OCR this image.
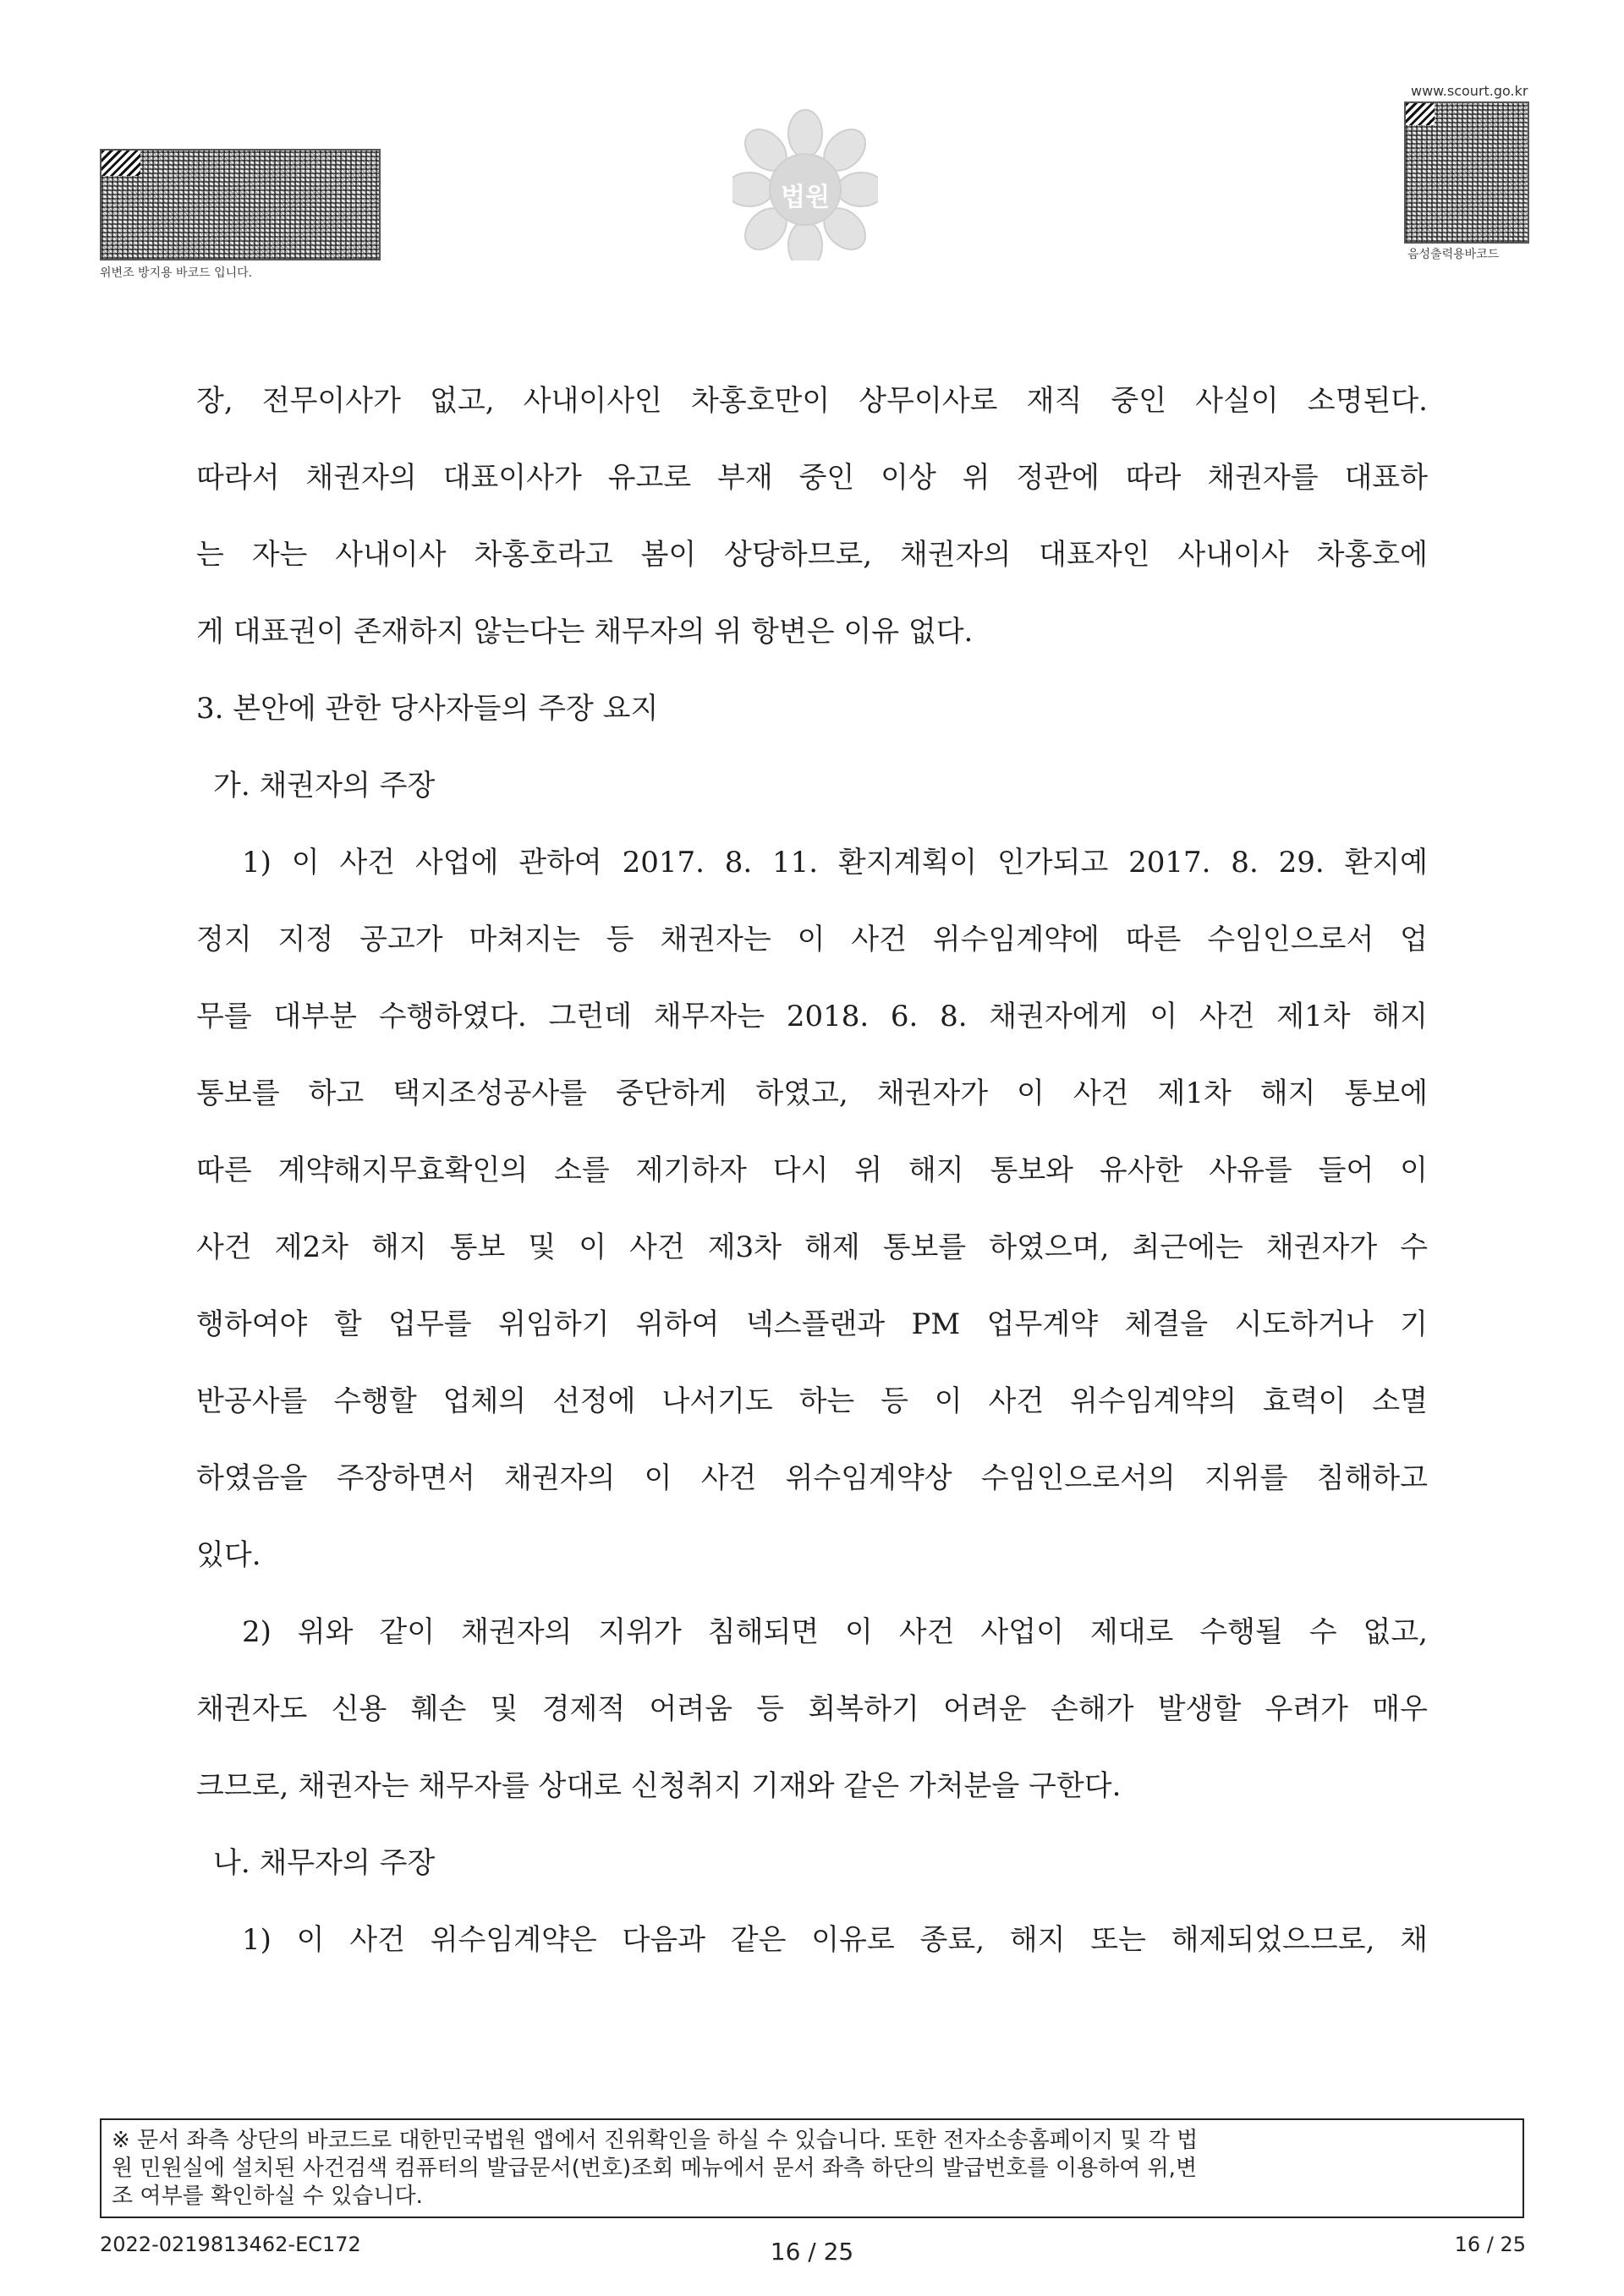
위변조 방지용 바코드 입니다.
법원
www.scourt.go.kr
음성출력용바코드
장, 전무이사가 없고, 사내이사인 차홍호만이 상무이사로 재직 중인 사실이 소명된다.
따라서 채권자의 대표이사가 유고로 부재 중인 이상 위 정관에 따라 채권자를 대표하
는 자는 사내이사 차홍호라고 봄이 상당하므로, 채권자의 대표자인 사내이사 차홍호에
게 대표권이 존재하지 않는다는 채무자의 위 항변은 이유 없다.
3. 본안에 관한 당사자들의 주장 요지
가. 채권자의 주장
1) 이 사건 사업에 관하여 2017. 8. 11. 환지계획이 인가되고 2017. 8. 29. 환지예
정지 지정 공고가 마쳐지는 등 채권자는 이 사건 위수임계약에 따른 수임인으로서 업
무를 대부분 수행하였다. 그런데 채무자는 2018. 6. 8. 채권자에게 이 사건 제1차 해지
통보를 하고 택지조성공사를 중단하게 하였고, 채권자가 이 사건 제1차 해지 통보에
따른 계약해지무효확인의 소를 제기하자 다시 위 해지 통보와 유사한 사유를 들어 이
사건 제2차 해지 통보 및 이 사건 제3차 해제 통보를 하였으며, 최근에는 채권자가 수
행하여야 할 업무를 위임하기 위하여 넥스플랜과 PM 업무계약 체결을 시도하거나 기
반공사를 수행할 업체의 선정에 나서기도 하는 등 이 사건 위수임계약의 효력이 소멸
하였음을 주장하면서 채권자의 이 사건 위수임계약상 수임인으로서의 지위를 침해하고
있다.
2) 위와 같이 채권자의 지위가 침해되면 이 사건 사업이 제대로 수행될 수 없고,
채권자도 신용 훼손 및 경제적 어려움 등 회복하기 어려운 손해가 발생할 우려가 매우
크므로, 채권자는 채무자를 상대로 신청취지 기재와 같은 가처분을 구한다.
나. 채무자의 주장
1) 이 사건 위수임계약은 다음과 같은 이유로 종료, 해지 또는 해제되었으므로, 채
※ 문서 좌측 상단의 바코드로 대한민국법원 앱에서 진위확인을 하실 수 있습니다. 또한 전자소송홈페이지 및 각 법
원 민원실에 설치된 사건검색 컴퓨터의 발급문서(번호)조회 메뉴에서 문서 좌측 하단의 발급번호를 이용하여 위,변
조 여부를 확인하실 수 있습니다.
2022-0219813462-EC172	16 / 25	16 / 25
